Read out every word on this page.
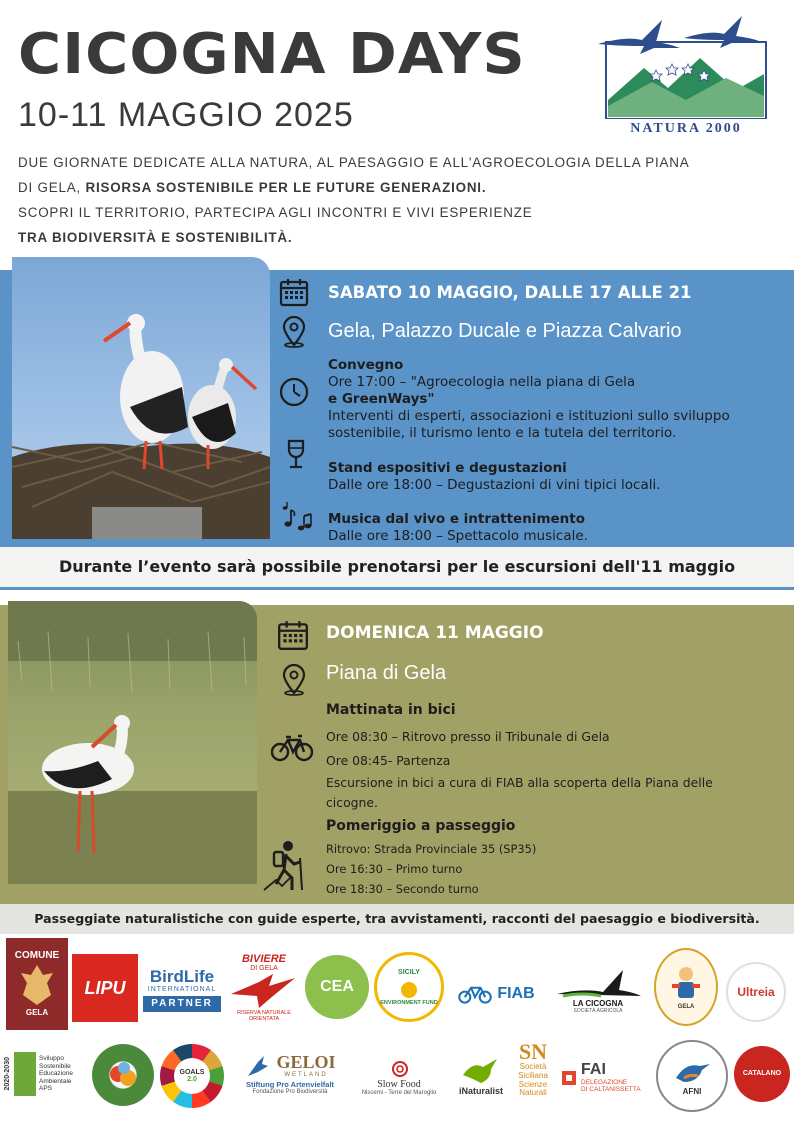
CICOGNA DAYS
10-11 MAGGIO 2025	NATURA 2000
DUE GIORNATE DEDICATE ALLA NATURA, AL PAESAGGIO E ALL'AGROECOLOGIA DELLA PIANA
DI GELA, RISORSA SOSTENIBILE PER LE FUTURE GENERAZIONI.
SCOPRI IL TERRITORIO, PARTECIPA AGLI INCONTRI E VIVI ESPERIENZE
TRA BIODIVERSITÀ E SOSTENIBILITÀ.
SABATO 10 MAGGIO, DALLE 17 ALLE 21
Gela, Palazzo Ducale e Piazza Calvario
Convegno
Ore 17:00 – "Agroecologia nella piana di Gela
e GreenWays"
Interventi di esperti, associazioni e istituzioni sullo sviluppo
sostenibile, il turismo lento e la tutela del territorio.
Stand espositivi e degustazioni
Dalle ore 18:00 – Degustazioni di vini tipici locali.
Musica dal vivo e intrattenimento
Dalle ore 18:00 – Spettacolo musicale.
Durante l’evento sarà possibile prenotarsi per le escursioni dell'11 maggio
DOMENICA 11 MAGGIO
Piana di Gela
Mattinata in bici
Ore 08:30 – Ritrovo presso il Tribunale di Gela
Ore 08:45- Partenza
Escursione in bici a cura di FIAB alla scoperta della Piana delle
cicogne.
Pomeriggio a passeggio
Ritrovo: Strada Provinciale 35 (SP35)
Ore 16:30 – Primo turno
Ore 18:30 – Secondo turno
Passeggiate naturalistiche con guide esperte, tra avvistamenti, racconti del paesaggio e biodiversità.
COMUNE
GELA
LIPU
BirdLife
INTERNATIONAL
PARTNER
BIVIERE
DI GELA
RISERVA NATURALE ORIENTATA
CEA
SICILY
ENVIRONMENT FUND
FIAB
LA CICOGNA
SOCIETÀ AGRICOLA
GELA
Ultreia
2020-2030	Sviluppo
Sostenibile
Educazione
Ambientale
APS
GOALS
2.0
GELOI
WETLAND
Stiftung Pro Artenvielfalt
Fondazione Pro Biodiversità
Slow Food
Niscemi - Terre del Maroglio	iNaturalist
SN
Società
Siciliana
Scienze
Naturali
FAI
DELEGAZIONE
DI CALTANISSETTA	AFNI
CATALANO
